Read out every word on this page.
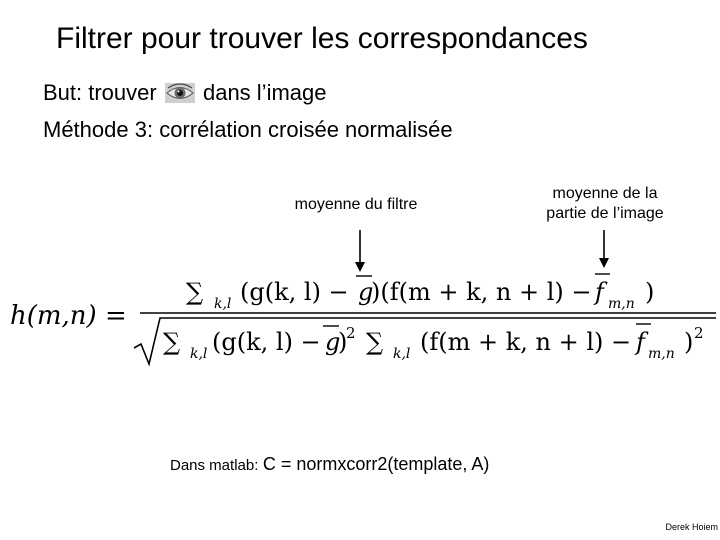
Filtrer pour trouver les correspondances
But: trouver dans l’image
Méthode 3: corrélation croisée normalisée
moyenne du filtre
moyenne de la
partie de l’image
h(m,n) =
∑ k,l (g(k, l) − g
)(f(m + k, n + l) − f m,n )
∑ k,l (g(k, l) − g
)
2 ∑ k,l (f(m + k, n + l) − f m,n ) 2
Dans matlab: C = normxcorr2(template, A)
Derek Hoiem
